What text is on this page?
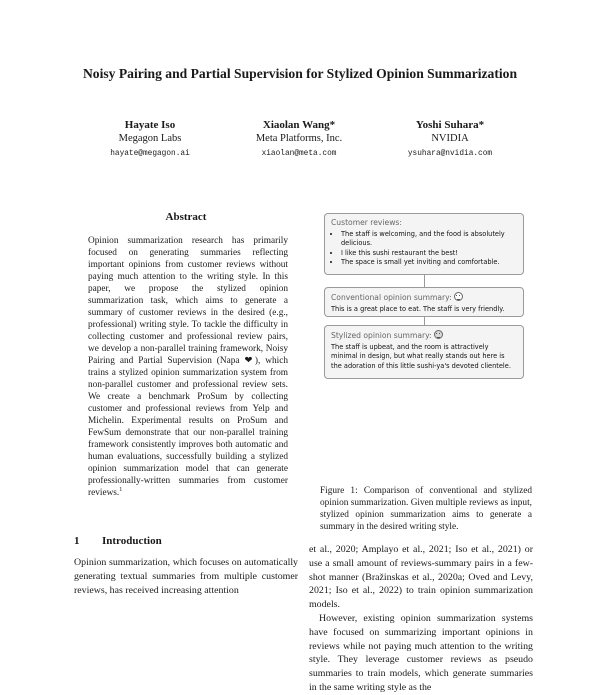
Noisy Pairing and Partial Supervision for Stylized Opinion Summarization
Hayate Iso
Megagon Labs
hayate@megagon.ai
Xiaolan Wang*
Meta Platforms, Inc.
xiaolan@meta.com
Yoshi Suhara*
NVIDIA
ysuhara@nvidia.com
Abstract

Opinion summarization research has primarily focused on generating summaries reflecting important opinions from customer reviews without paying much attention to the writing style. In this paper, we propose the stylized opinion summarization task, which aims to generate a summary of customer reviews in the desired (e.g., professional) writing style. To tackle the difficulty in collecting customer and professional review pairs, we develop a non-parallel training framework, Noisy Pairing and Partial Supervision (Napa ❤), which trains a stylized opinion summarization system from non-parallel customer and professional review sets. We create a benchmark ProSum by collecting customer and professional reviews from Yelp and Michelin. Experimental results on ProSum and FewSum demonstrate that our non-parallel training framework consistently improves both automatic and human evaluations, successfully building a stylized opinion summarization model that can generate professionally-written summaries from customer reviews.$^1$

Customer reviews:
• The staff is welcoming, and the food is absolutely delicious.
• I like this sushi restaurant the best!
• The space is small yet inviting and comfortable.
Conventional opinion summary:

This is a great place to eat. The staff is very friendly.

Stylized opinion summary:

The staff is upbeat, and the room is attractively minimal in design, but what really stands out here is the adoration of this little sushi-ya's devoted clientele.

Figure 1: Comparison of conventional and stylized opinion summarization. Given multiple reviews as input, stylized opinion summarization aims to generate a summary in the desired writing style.

et al., 2020; Amplayo et al., 2021; Iso et al., 2021) or use a small amount of reviews-summary pairs in a few-shot manner (Bražinskas et al., 2020a; Oved and Levy, 2021; Iso et al., 2022) to train opinion summarization models.
However, existing opinion summarization systems have focused on summarizing important opinions in reviews while not paying much attention to the writing style. They leverage customer reviews as pseudo summaries to train models, which generate summaries in the same writing style as the

1 Introduction

Opinion summarization, which focuses on automatically generating textual summaries from multiple customer reviews, has received increasing attention
